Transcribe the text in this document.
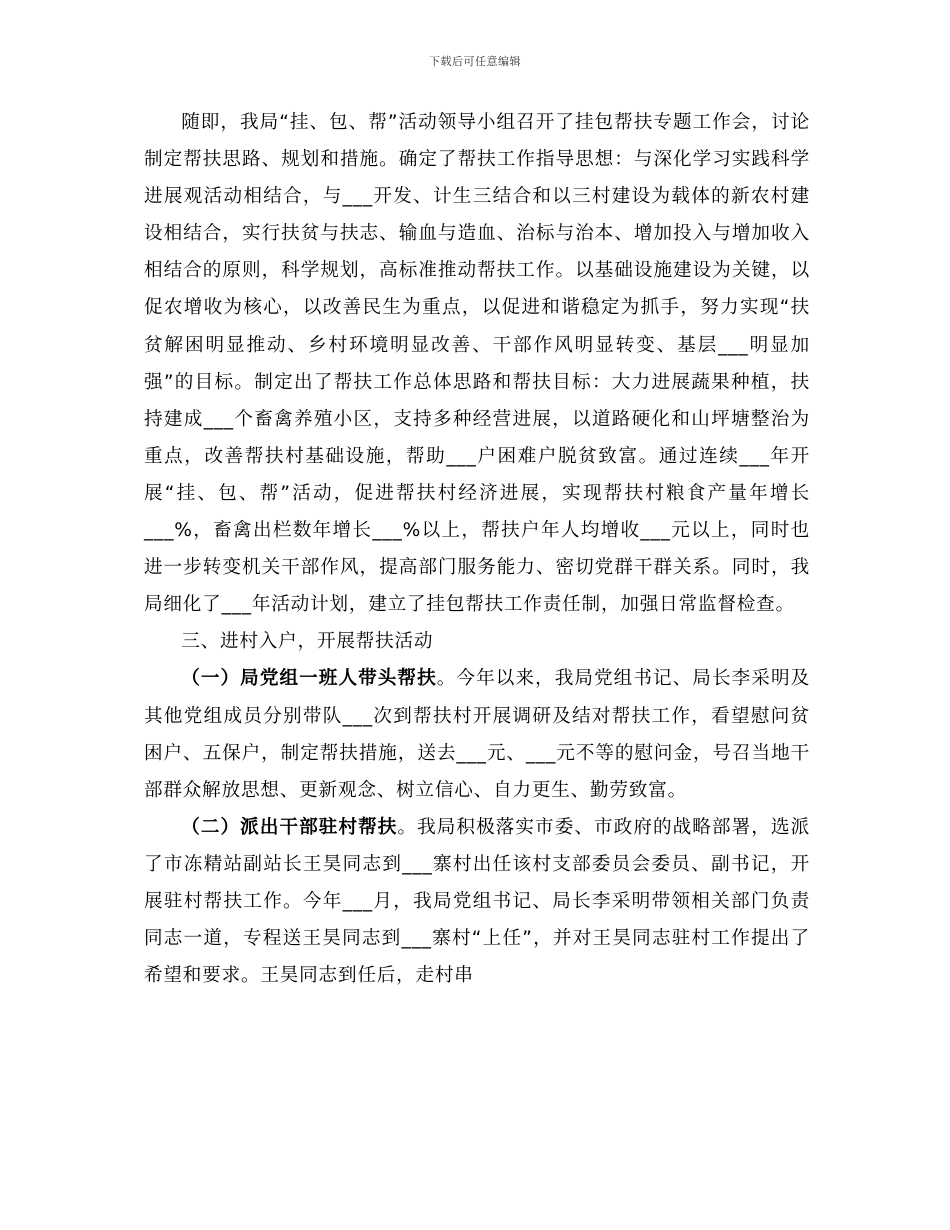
下载后可任意编辑

随即，我局“挂、包、帮”活动领导小组召开了挂包帮扶专题工作会，讨论制定帮扶思路、规划和措施。确定了帮扶工作指导思想：与深化学习实践科学进展观活动相结合，与___开发、计生三结合和以三村建设为载体的新农村建设相结合，实行扶贫与扶志、输血与造血、治标与治本、增加投入与增加收入相结合的原则，科学规划，高标准推动帮扶工作。以基础设施建设为关键，以促农增收为核心，以改善民生为重点，以促进和谐稳定为抓手，努力实现“扶贫解困明显推动、乡村环境明显改善、干部作风明显转变、基层___明显加强”的目标。制定出了帮扶工作总体思路和帮扶目标：大力进展蔬果种植，扶持建成___个畜禽养殖小区，支持多种经营进展，以道路硬化和山坪塘整治为重点，改善帮扶村基础设施，帮助___户困难户脱贫致富。通过连续___年开展“挂、包、帮”活动，促进帮扶村经济进展，实现帮扶村粮食产量年增长___%，畜禽出栏数年增长___%以上，帮扶户年人均增收___元以上，同时也进一步转变机关干部作风，提高部门服务能力、密切党群干群关系。同时，我局细化了___年活动计划，建立了挂包帮扶工作责任制，加强日常监督检查。

三、进村入户，开展帮扶活动

（一）局党组一班人带头帮扶。今年以来，我局党组书记、局长李采明及其他党组成员分别带队___次到帮扶村开展调研及结对帮扶工作，看望慰问贫困户、五保户，制定帮扶措施，送去___元、___元不等的慰问金，号召当地干部群众解放思想、更新观念、树立信心、自力更生、勤劳致富。

（二）派出干部驻村帮扶。我局积极落实市委、市政府的战略部署，选派了市冻精站副站长王昊同志到___寨村出任该村支部委员会委员、副书记，开展驻村帮扶工作。今年___月，我局党组书记、局长李采明带领相关部门负责同志一道，专程送王昊同志到___寨村“上任”，并对王昊同志驻村工作提出了希望和要求。王昊同志到任后，走村串
